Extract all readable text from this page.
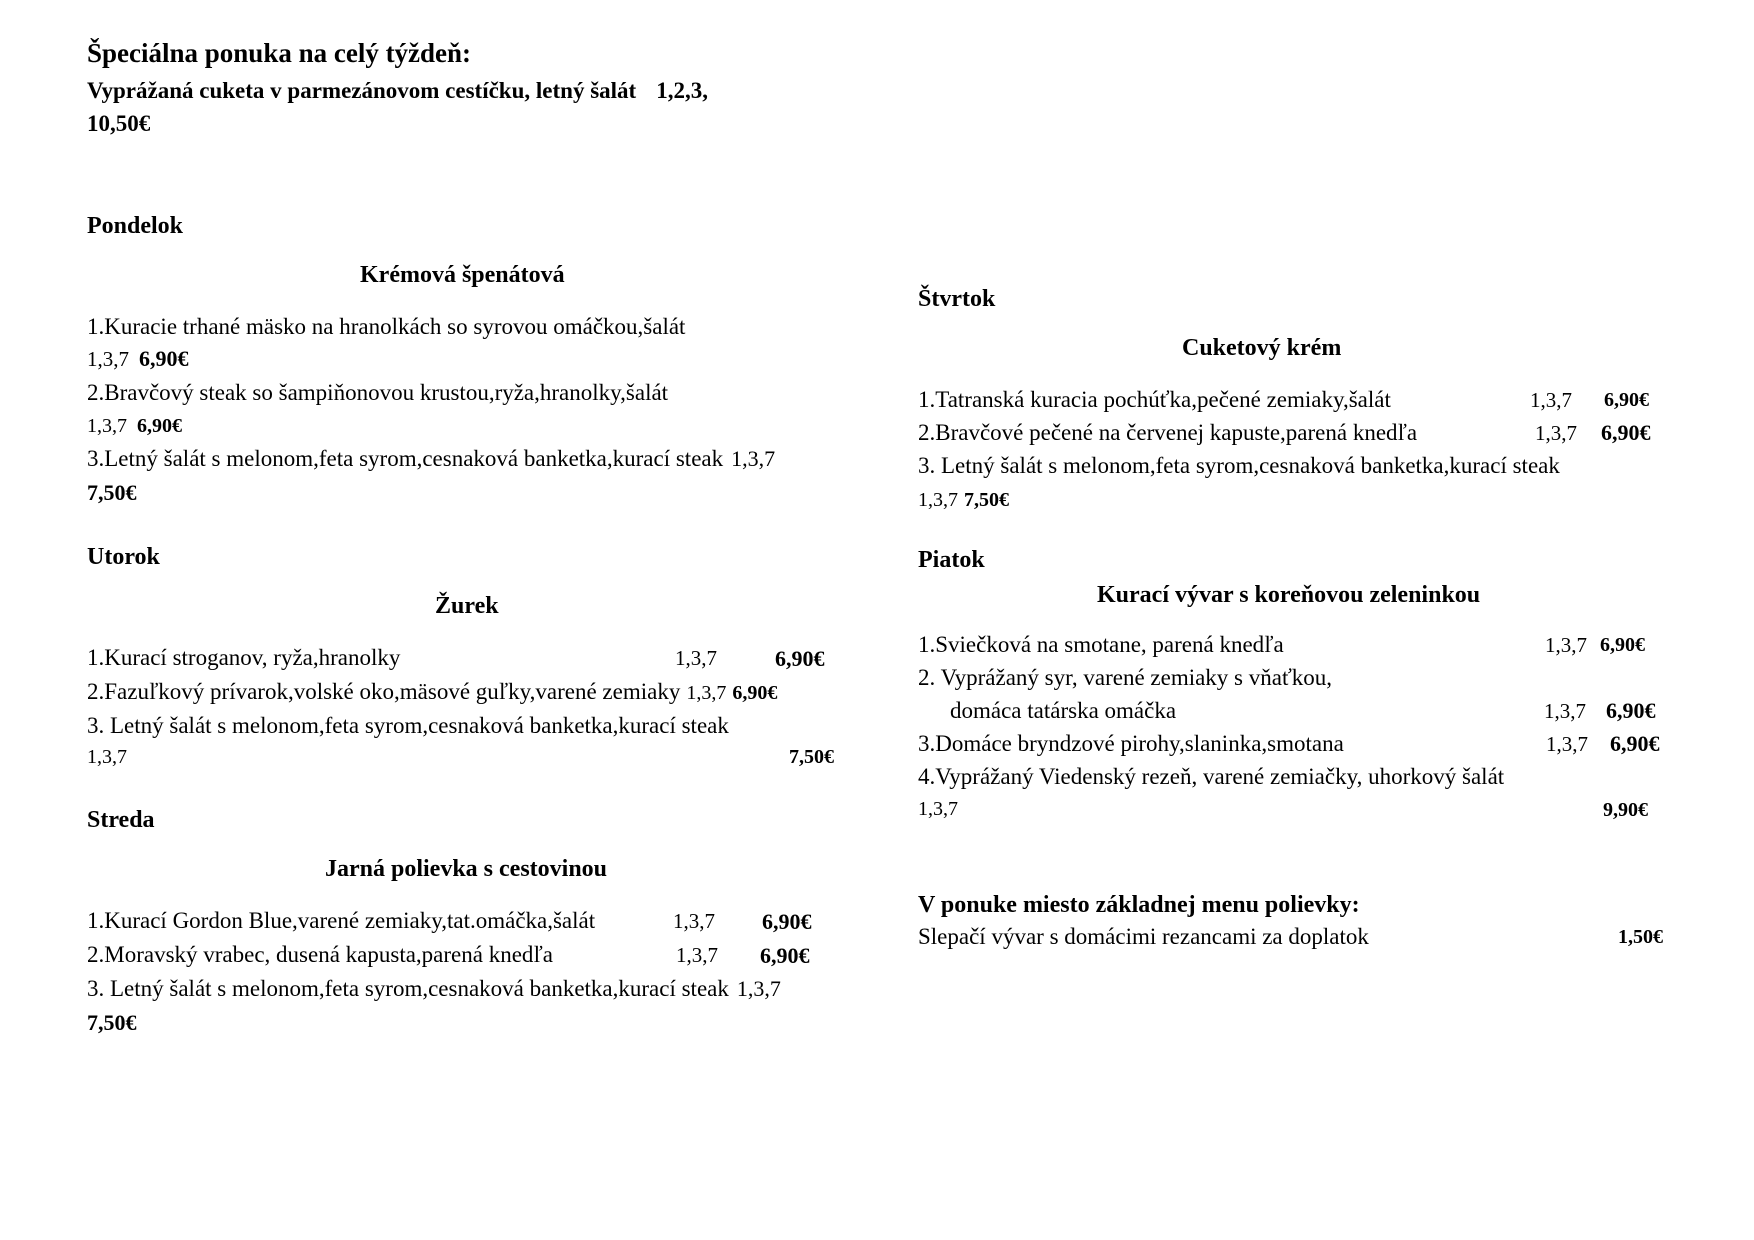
Špeciálna ponuka na celý týždeň:
Vyprážaná cuketa v parmezánovom cestíčku, letný šalát 1,2,3,
10,50€
Pondelok
Krémová špenátová
1.Kuracie trhané mäsko na hranolkách so syrovou omáčkou,šalát
1,3,7 6,90€
2.Bravčový steak so šampiňonovou krustou,ryža,hranolky,šalát
1,3,7 6,90€
3.Letný šalát s melonom,feta syrom,cesnaková banketka,kurací steak 1,3,7
7,50€
Utorok
Žurek
1.Kurací stroganov, ryža,hranolky	1,3,7	6,90€
2.Fazuľkový prívarok,volské oko,mäsové guľky,varené zemiaky 1,3,7 6,90€
3. Letný šalát s melonom,feta syrom,cesnaková banketka,kurací steak
1,3,7	7,50€
Streda
Jarná polievka s cestovinou
1.Kurací Gordon Blue,varené zemiaky,tat.omáčka,šalát	1,3,7 6,90€
2.Moravský vrabec, dusená kapusta,parená knedľa	1,3,7 6,90€
3. Letný šalát s melonom,feta syrom,cesnaková banketka,kurací steak 1,3,7
7,50€
Štvrtok
Cuketový krém
1.Tatranská kuracia pochúťka,pečené zemiaky,šalát	1,3,7 6,90€
2.Bravčové pečené na červenej kapuste,parená knedľa	1,3,7 6,90€
3. Letný šalát s melonom,feta syrom,cesnaková banketka,kurací steak
1,3,7 7,50€
Piatok
Kurací vývar s koreňovou zeleninkou
1.Sviečková na smotane, parená knedľa	1,3,7 6,90€
2. Vyprážaný syr, varené zemiaky s vňaťkou,
domáca tatárska omáčka	1,3,7 6,90€
3.Domáce bryndzové pirohy,slaninka,smotana	1,3,7 6,90€
4.Vyprážaný Viedenský rezeň, varené zemiačky, uhorkový šalát
1,3,7	9,90€
V ponuke miesto základnej menu polievky:
Slepačí vývar s domácimi rezancami za doplatok	1,50€
